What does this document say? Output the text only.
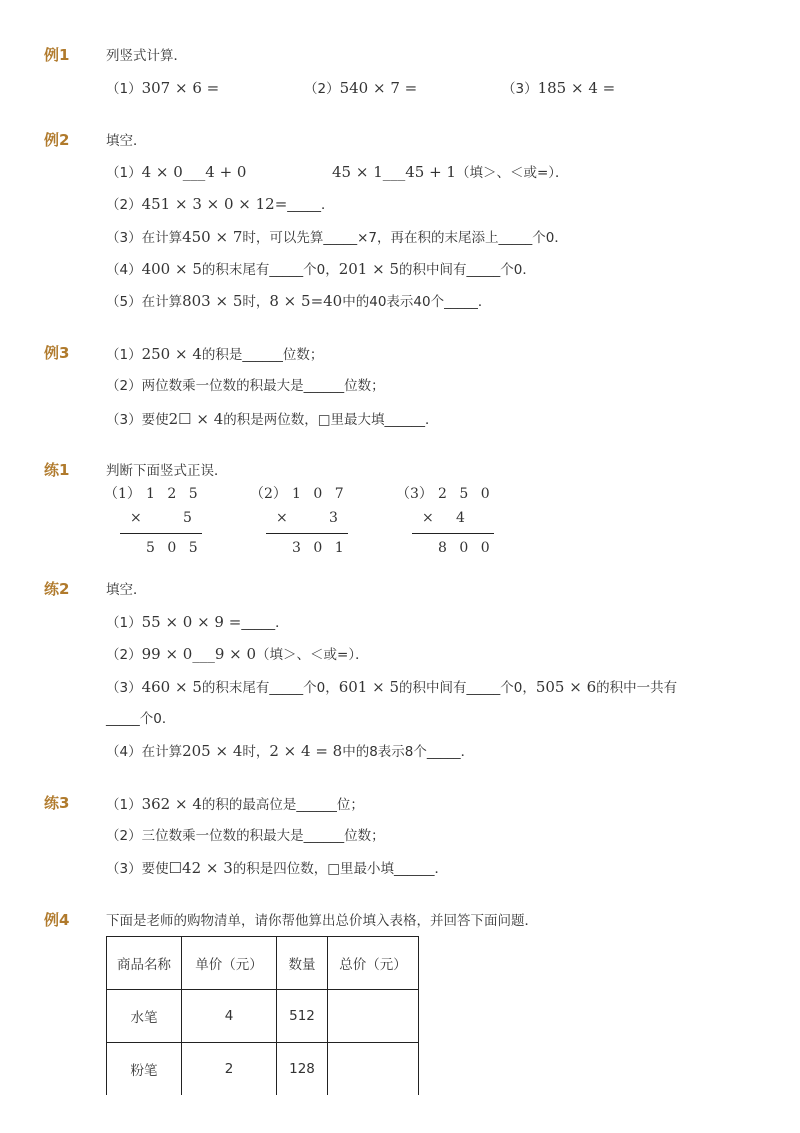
例1	列竖式计算．
（1）307 × 6 =	（2）540 × 7 =	（3）185 × 4 =
例2	填空．
（1）4 × 0___4 + 0	45 × 1___45 + 1（填＞、＜或=）．
（2）451 × 3 × 0 × 12=_____．
（3）在计算450 × 7时，可以先算_____×7，再在积的末尾添上_____个0．
（4）400 × 5的积末尾有_____个0，201 × 5的积中间有_____个0．
（5）在计算803 × 5时，8 × 5=40中的40表示40个_____．
例3	（1）250 × 4的积是______位数；
（2）两位数乘一位数的积最大是______位数；
（3）要使2☐ × 4的积是两位数，□里最大填______．
练1	判断下面竖式正误．
（1） 1 2 5
×	5
5 0 5
（2） 1 0 7
×	3
3 0 1
（3） 2 5 0
× 4
8 0 0
练2	填空．
（1）55 × 0 × 9 =_____．
（2）99 × 0___9 × 0（填＞、＜或=）．
（3）460 × 5的积末尾有_____个0，601 × 5的积中间有_____个0，505 × 6的积中一共有
_____个0．
（4）在计算205 × 4时，2 × 4 = 8中的8表示8个_____．
练3	（1）362 × 4的积的最高位是______位；
（2）三位数乘一位数的积最大是______位数；
（3）要使☐42 × 3的积是四位数，□里最小填______．
例4	下面是老师的购物清单，请你帮他算出总价填入表格，并回答下面问题．
商品名称	单价（元）	数量	总价（元）
水笔	4	512	
粉笔	2	128	
